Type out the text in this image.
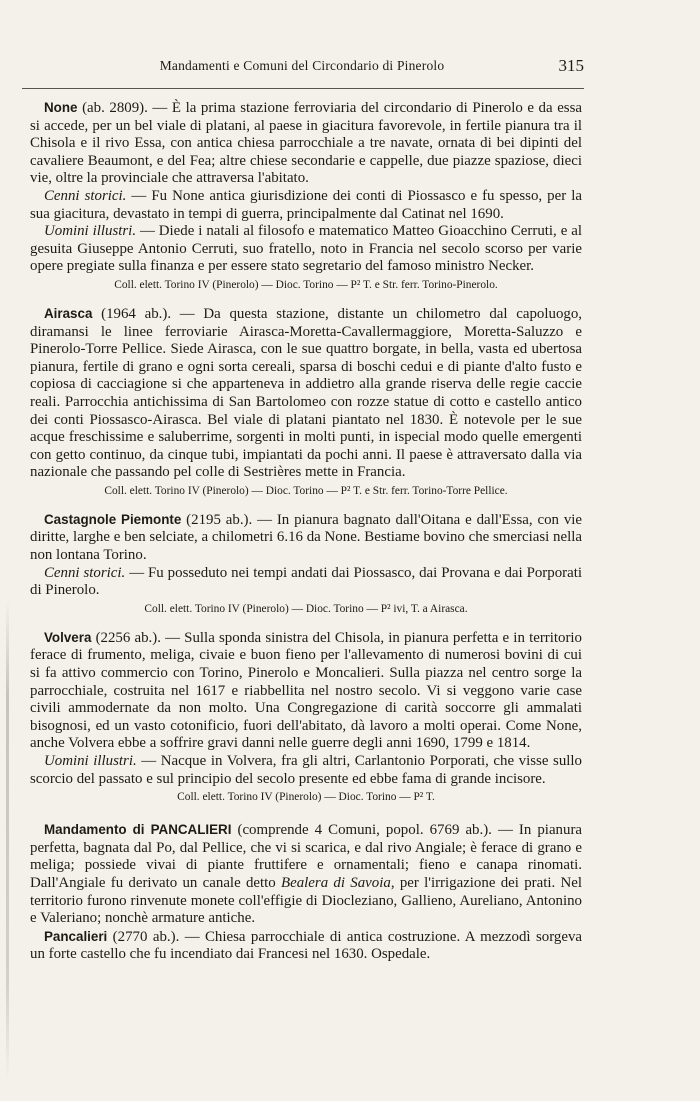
Mandamenti e Comuni del Circondario di Pinerolo	315

None (ab. 2809). — È la prima stazione ferroviaria del circondario di Pinerolo e da essa si accede, per un bel viale di platani, al paese in giacitura favorevole, in fertile pianura tra il Chisola e il rivo Essa, con antica chiesa parrocchiale a tre navate, ornata di bei dipinti del cavaliere Beaumont, e del Fea; altre chiese secondarie e cappelle, due piazze spaziose, dieci vie, oltre la provinciale che attraversa l'abitato.

Cenni storici. — Fu None antica giurisdizione dei conti di Piossasco e fu spesso, per la sua giacitura, devastato in tempi di guerra, principalmente dal Catinat nel 1690.

Uomini illustri. — Diede i natali al filosofo e matematico Matteo Gioacchino Cerruti, e al gesuita Giuseppe Antonio Cerruti, suo fratello, noto in Francia nel secolo scorso per varie opere pregiate sulla finanza e per essere stato segretario del famoso ministro Necker.

Coll. elett. Torino IV (Pinerolo) — Dioc. Torino — P² T. e Str. ferr. Torino-Pinerolo.

Airasca (1964 ab.). — Da questa stazione, distante un chilometro dal capoluogo, diramansi le linee ferroviarie Airasca-Moretta-Cavallermaggiore, Moretta-Saluzzo e Pinerolo-Torre Pellice. Siede Airasca, con le sue quattro borgate, in bella, vasta ed ubertosa pianura, fertile di grano e ogni sorta cereali, sparsa di boschi cedui e di piante d'alto fusto e copiosa di cacciagione si che appartenevа in addietro alla grande riserva delle regie caccie reali. Parrocchia antichissima di San Bartolomeo con rozze statue di cotto e castello antico dei conti Piossasco-Airasca. Bel viale di platani piantato nel 1830. È notevole per le sue acque freschissime e saluberrime, sorgenti in molti punti, in ispecial modo quelle emergenti con getto continuo, da cinque tubi, impiantati da pochi anni. Il paese è attraversato dalla via nazionale che passando pel colle di Sestrières mette in Francia.

Coll. elett. Torino IV (Pinerolo) — Dioc. Torino — P² T. e Str. ferr. Torino-Torre Pellice.

Castagnole Piemonte (2195 ab.). — In pianura bagnato dall'Oitana e dall'Essa, con vie diritte, larghe e ben selciate, a chilometri 6.16 da None. Bestiame bovino che smerciasi nella non lontana Torino.

Cenni storici. — Fu posseduto nei tempi andati dai Piossasco, dai Provana e dai Porporati di Pinerolo.

Coll. elett. Torino IV (Pinerolo) — Dioc. Torino — P² ivi, T. a Airasca.

Volvera (2256 ab.). — Sulla sponda sinistra del Chisola, in pianura perfetta e in territorio ferace di frumento, meliga, civaie e buon fieno per l'allevamento di numerosi bovini di cui si fa attivo commercio con Torino, Pinerolo e Moncalieri. Sulla piazza nel centro sorge la parrocchiale, costruita nel 1617 e riabbellita nel nostro secolo. Vi si veggono varie case civili ammodernate da non molto. Una Congregazione di carità soccorre gli ammalati bisognosi, ed un vasto cotonificio, fuori dell'abitato, dà lavoro a molti operai. Come None, anche Volvera ebbe a soffrire gravi danni nelle guerre degli anni 1690, 1799 e 1814.

Uomini illustri. — Nacque in Volvera, fra gli altri, Carlantonio Porporati, che visse sullo scorcio del passato e sul principio del secolo presente ed ebbe fama di grande incisore.

Coll. elett. Torino IV (Pinerolo) — Dioc. Torino — P² T.

Mandamento di PANCALIERI (comprende 4 Comuni, popol. 6769 ab.). — In pianura perfetta, bagnata dal Po, dal Pellice, che vi si scarica, e dal rivo Angiale; è ferace di grano e meliga; possiede vivai di piante fruttifere e ornamentali; fieno e canapa rinomati. Dall'Angiale fu derivato un canale detto Bealera di Savoia, per l'irrigazione dei prati. Nel territorio furono rinvenute monete coll'effigie di Diocleziano, Gallieno, Aureliano, Antonino e Valeriano; nonchè armature antiche.

Pancalieri (2770 ab.). — Chiesa parrocchiale di antica costruzione. A mezzodì sorgeva un forte castello che fu incendiato dai Francesi nel 1630. Ospedale.
